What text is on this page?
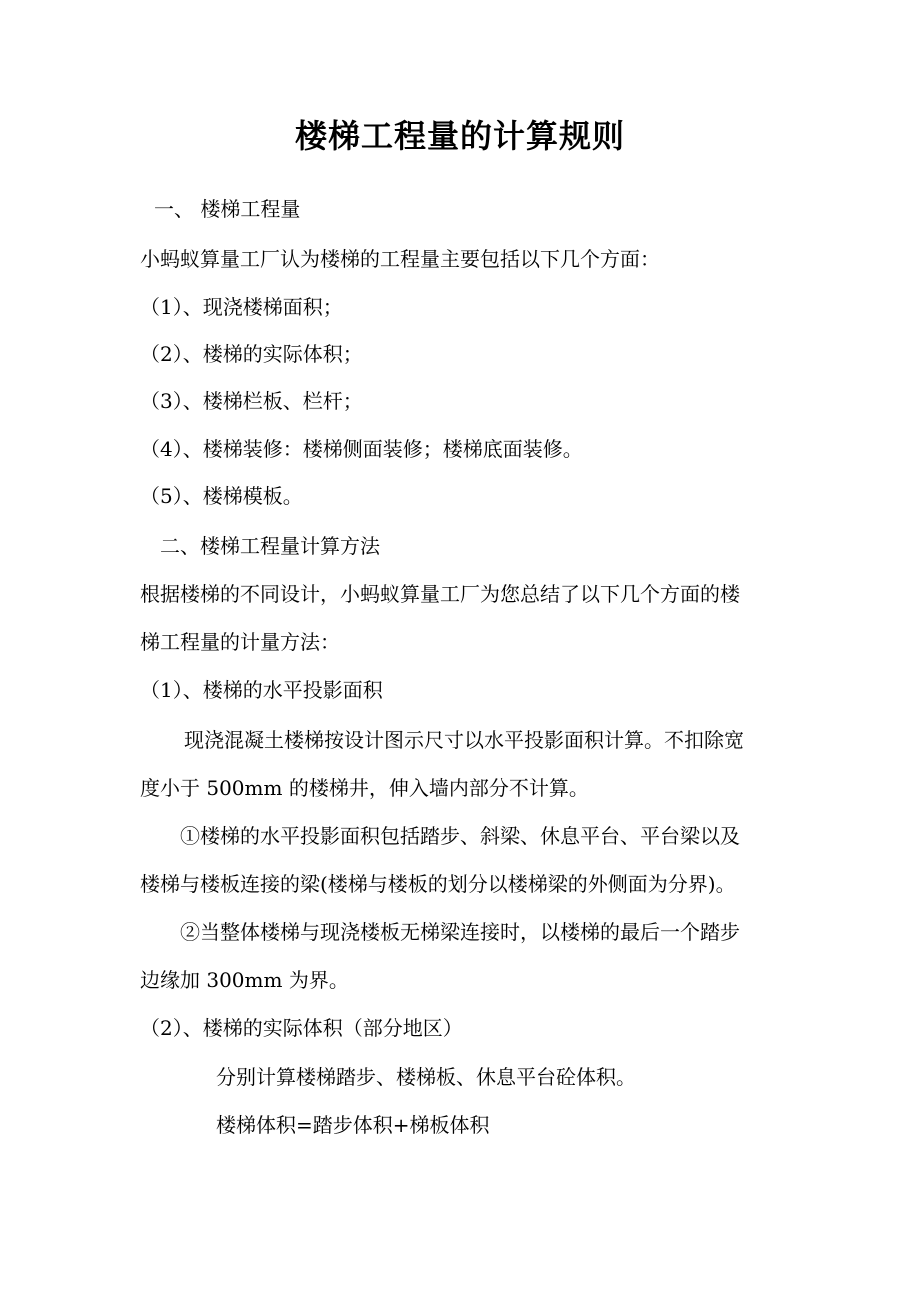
楼梯工程量的计算规则
一、 楼梯工程量
小蚂蚁算量工厂认为楼梯的工程量主要包括以下几个方面：
（1）、现浇楼梯面积；
（2）、楼梯的实际体积；
（3）、楼梯栏板、栏杆；
（4）、楼梯装修：楼梯侧面装修；楼梯底面装修。
（5）、楼梯模板。
二、楼梯工程量计算方法
根据楼梯的不同设计，小蚂蚁算量工厂为您总结了以下几个方面的楼
梯工程量的计量方法：
（1）、楼梯的水平投影面积
现浇混凝土楼梯按设计图示尺寸以水平投影面积计算。不扣除宽
度小于 500mm 的楼梯井，伸入墙内部分不计算。
①楼梯的水平投影面积包括踏步、斜梁、休息平台、平台梁以及
楼梯与楼板连接的梁(楼梯与楼板的划分以楼梯梁的外侧面为分界)。
②当整体楼梯与现浇楼板无梯梁连接时，以楼梯的最后一个踏步
边缘加 300mm 为界。
（2）、楼梯的实际体积（部分地区）
分别计算楼梯踏步、楼梯板、休息平台砼体积。
楼梯体积=踏步体积+梯板体积
